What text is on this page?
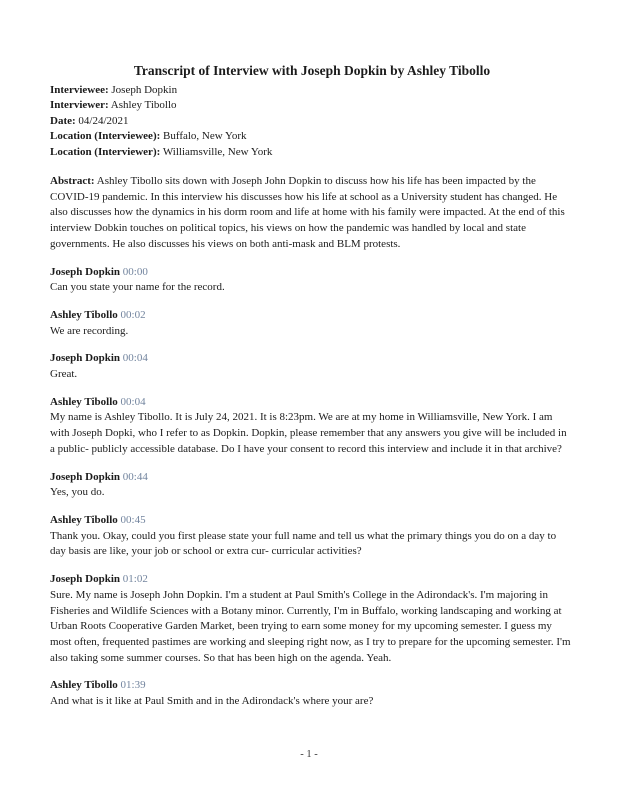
Transcript of Interview with Joseph Dopkin by Ashley Tibollo

Interviewee: Joseph Dopkin

Interviewer: Ashley Tibollo

Date: 04/24/2021

Location (Interviewee): Buffalo, New York

Location (Interviewer): Williamsville, New York

Abstract: Ashley Tibollo sits down with Joseph John Dopkin to discuss how his life has been impacted by the COVID-19 pandemic. In this interview his discusses how his life at school as a University student has changed. He also discusses how the dynamics in his dorm room and life at home with his family were impacted. At the end of this interview Dobkin touches on political topics, his views on how the pandemic was handled by local and state governments. He also discusses his views on both anti-mask and BLM protests.

Joseph Dopkin 00:00

Can you state your name for the record.

Ashley Tibollo 00:02

We are recording.

Joseph Dopkin 00:04

Great.

Ashley Tibollo 00:04

My name is Ashley Tibollo. It is July 24, 2021. It is 8:23pm. We are at my home in Williamsville, New York. I am with Joseph Dopki, who I refer to as Dopkin. Dopkin, please remember that any answers you give will be included in a public- publicly accessible database. Do I have your consent to record this interview and include it in that archive?

Joseph Dopkin 00:44

Yes, you do.

Ashley Tibollo 00:45

Thank you. Okay, could you first please state your full name and tell us what the primary things you do on a day to day basis are like, your job or school or extra cur- curricular activities?

Joseph Dopkin 01:02

Sure. My name is Joseph John Dopkin. I'm a student at Paul Smith's College in the Adirondack's. I'm majoring in Fisheries and Wildlife Sciences with a Botany minor. Currently, I'm in Buffalo, working landscaping and working at Urban Roots Cooperative Garden Market, been trying to earn some money for my upcoming semester. I guess my most often, frequented pastimes are working and sleeping right now, as I try to prepare for the upcoming semester. I'm also taking some summer courses. So that has been high on the agenda. Yeah.

Ashley Tibollo 01:39

And what is it like at Paul Smith and in the Adirondack's where your are?

- 1 -
